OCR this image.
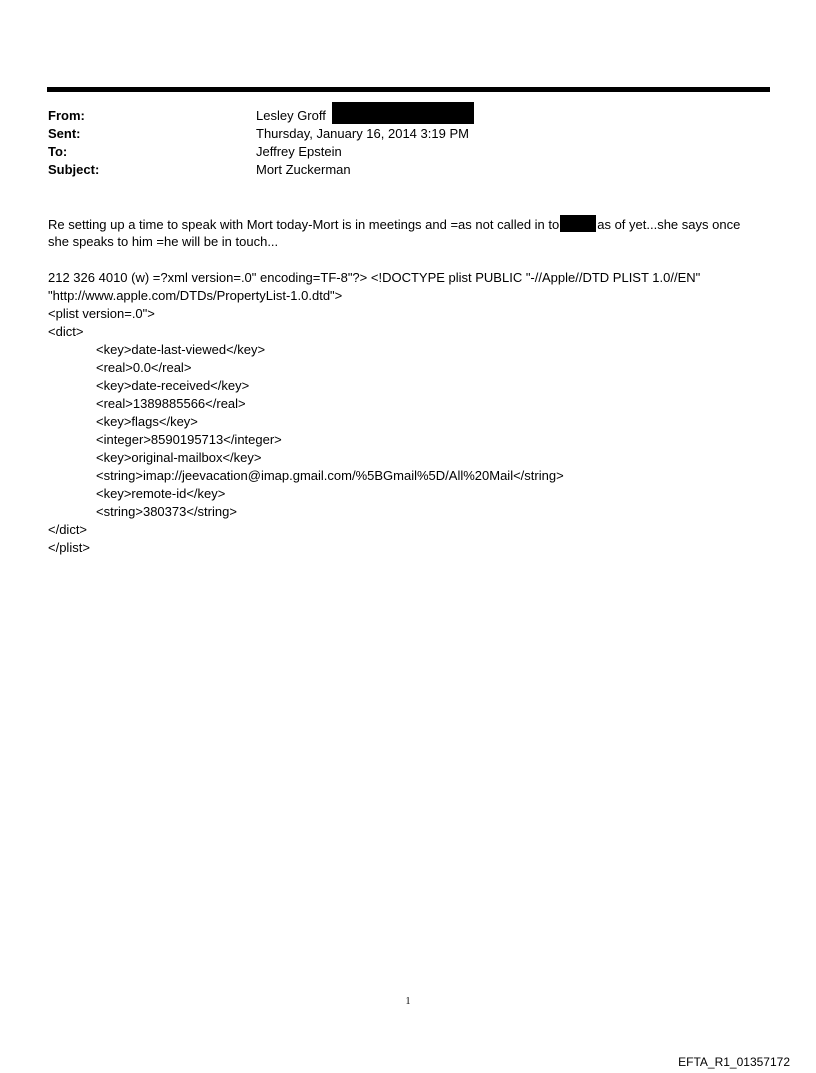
From:	Lesley Groff
Sent:	Thursday, January 16, 2014 3:19 PM
To:	Jeffrey Epstein
Subject:	Mort Zuckerman
Re setting up a time to speak with Mort today-Mort is in meetings and =as not called in to	as of yet...she says once
she speaks to him =he will be in touch...
212 326 4010 (w) =?xml version=.0" encoding=TF-8"?> <!DOCTYPE plist PUBLIC "-//Apple//DTD PLIST 1.0//EN"
"http://www.apple.com/DTDs/PropertyList-1.0.dtd">
<plist version=.0">
<dict>
<key>date-last-viewed</key>
<real>0.0</real>
<key>date-received</key>
<real>1389885566</real>
<key>flags</key>
<integer>8590195713</integer>
<key>original-mailbox</key>
<string>imap://jeevacation@imap.gmail.com/%5BGmail%5D/All%20Mail</string>
<key>remote-id</key>
<string>380373</string>
</dict>
</plist>
1
EFTA_R1_01357172
